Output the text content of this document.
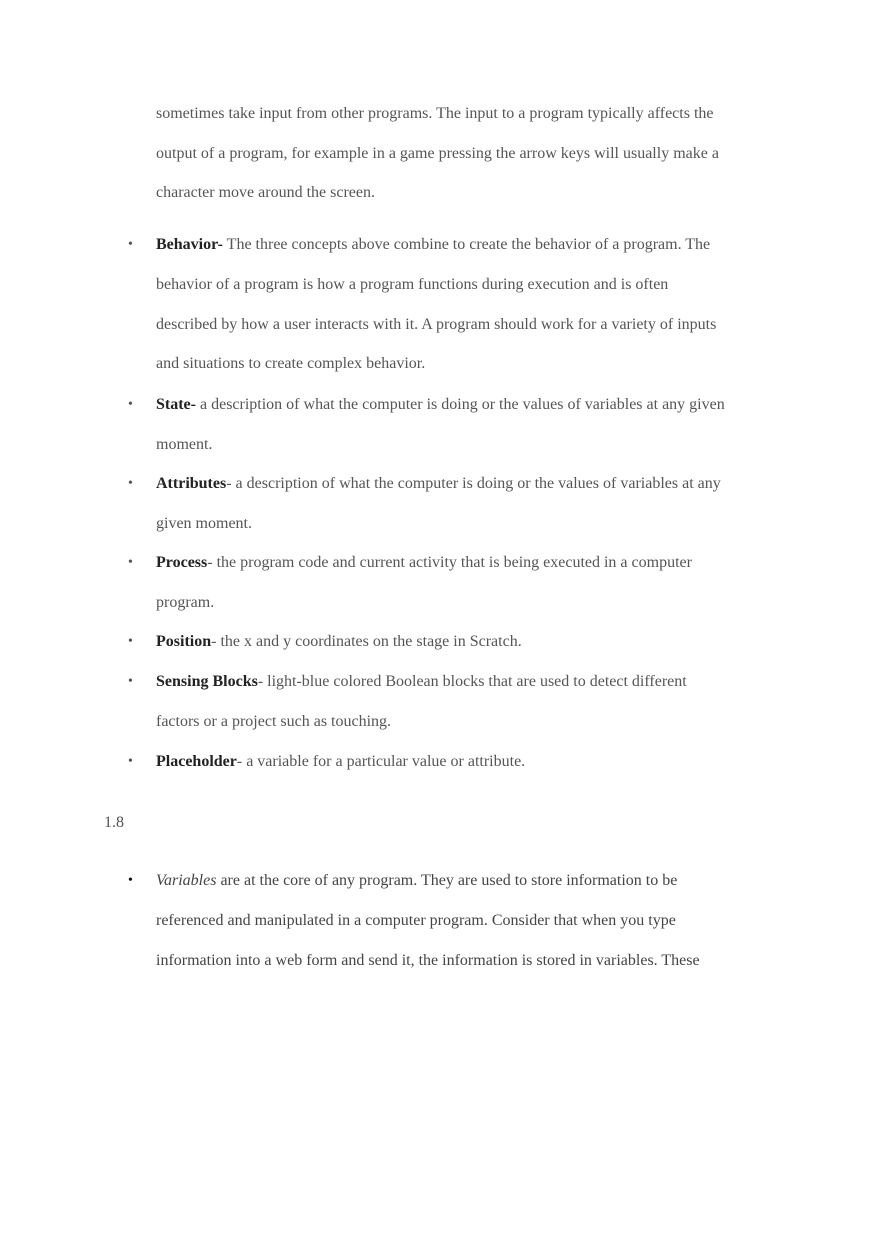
sometimes take input from other programs. The input to a program typically affects the
output of a program, for example in a game pressing the arrow keys will usually make a
character move around the screen.
• Behavior- The three concepts above combine to create the behavior of a program. The
behavior of a program is how a program functions during execution and is often
described by how a user interacts with it. A program should work for a variety of inputs
and situations to create complex behavior.
• State- a description of what the computer is doing or the values of variables at any given
moment.
• Attributes- a description of what the computer is doing or the values of variables at any
given moment.
• Process- the program code and current activity that is being executed in a computer
program.
• Position- the x and y coordinates on the stage in Scratch.
• Sensing Blocks- light-blue colored Boolean blocks that are used to detect different
factors or a project such as touching.
• Placeholder- a variable for a particular value or attribute.
1.8
• Variables are at the core of any program. They are used to store information to be
referenced and manipulated in a computer program. Consider that when you type
information into a web form and send it, the information is stored in variables. These
